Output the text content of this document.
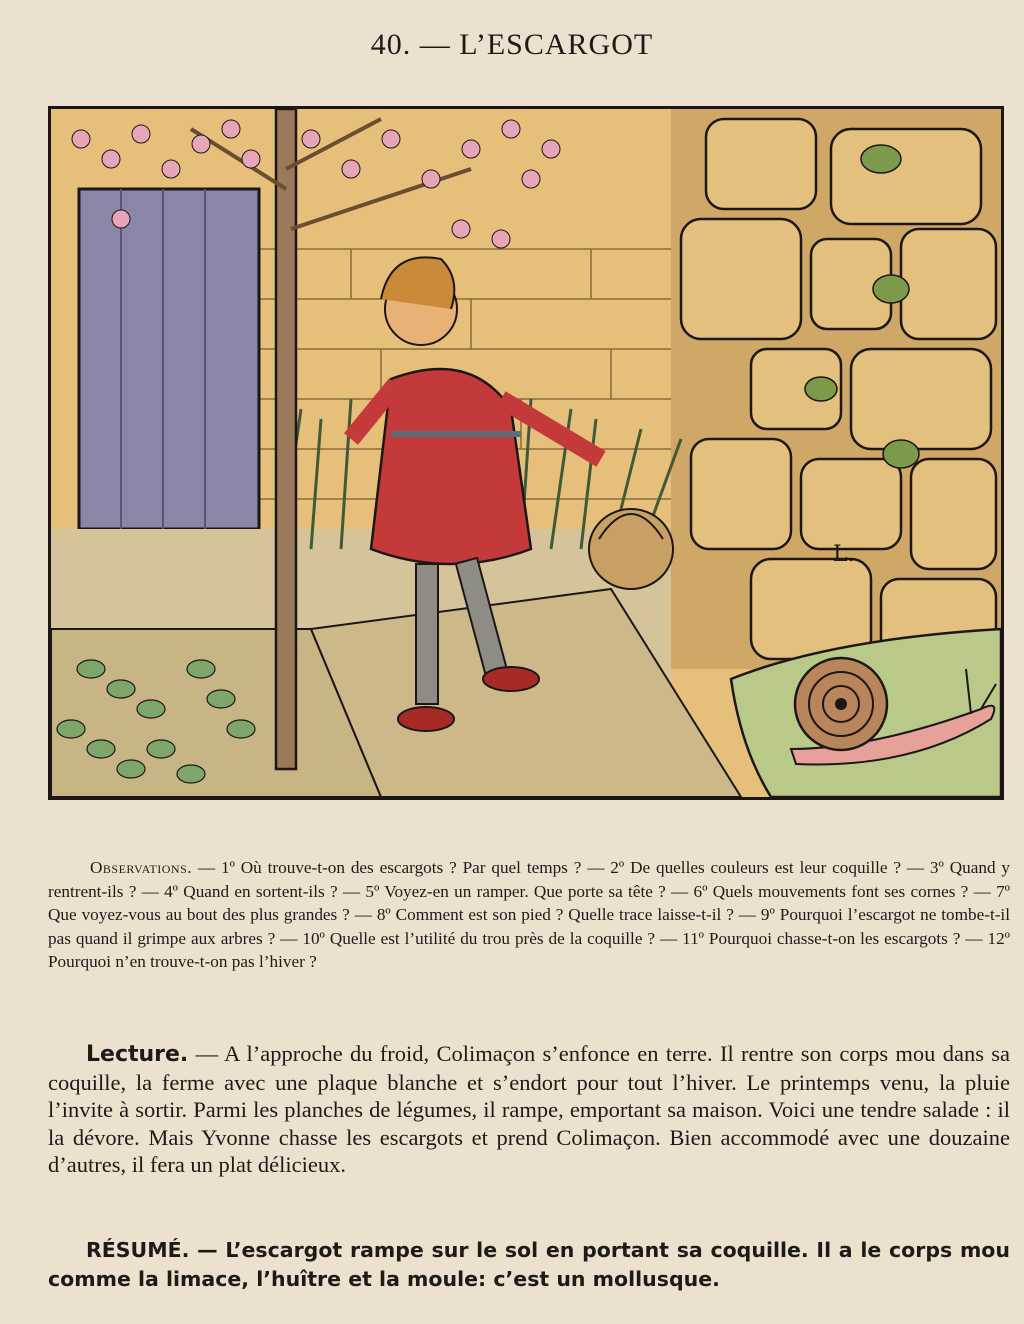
40. — L’ESCARGOT
L.
Observations. — 1º Où trouve-t-on des escargots ? Par quel temps ? — 2º De quelles couleurs est leur coquille ? — 3º Quand y rentrent-ils ? — 4º Quand en sortent-ils ? — 5º Voyez-en un ramper. Que porte sa tête ? — 6º Quels mouvements font ses cornes ? — 7º Que voyez-vous au bout des plus grandes ? — 8º Comment est son pied ? Quelle trace laisse-t-il ? — 9º Pourquoi l’escargot ne tombe-t-il pas quand il grimpe aux arbres ? — 10º Quelle est l’utilité du trou près de la coquille ? — 11º Pourquoi chasse-t-on les escargots ? — 12º Pourquoi n’en trouve-t-on pas l’hiver ?
Lecture. — A l’approche du froid, Colimaçon s’enfonce en terre. Il rentre son corps mou dans sa coquille, la ferme avec une plaque blanche et s’endort pour tout l’hiver. Le printemps venu, la pluie l’invite à sortir. Parmi les planches de légumes, il rampe, emportant sa maison. Voici une tendre salade : il la dévore. Mais Yvonne chasse les escargots et prend Colimaçon. Bien accommodé avec une douzaine d’autres, il fera un plat délicieux.
RÉSUMÉ. — L’escargot rampe sur le sol en portant sa coquille. Il a le corps mou comme la limace, l’huître et la moule: c’est un mollusque.
